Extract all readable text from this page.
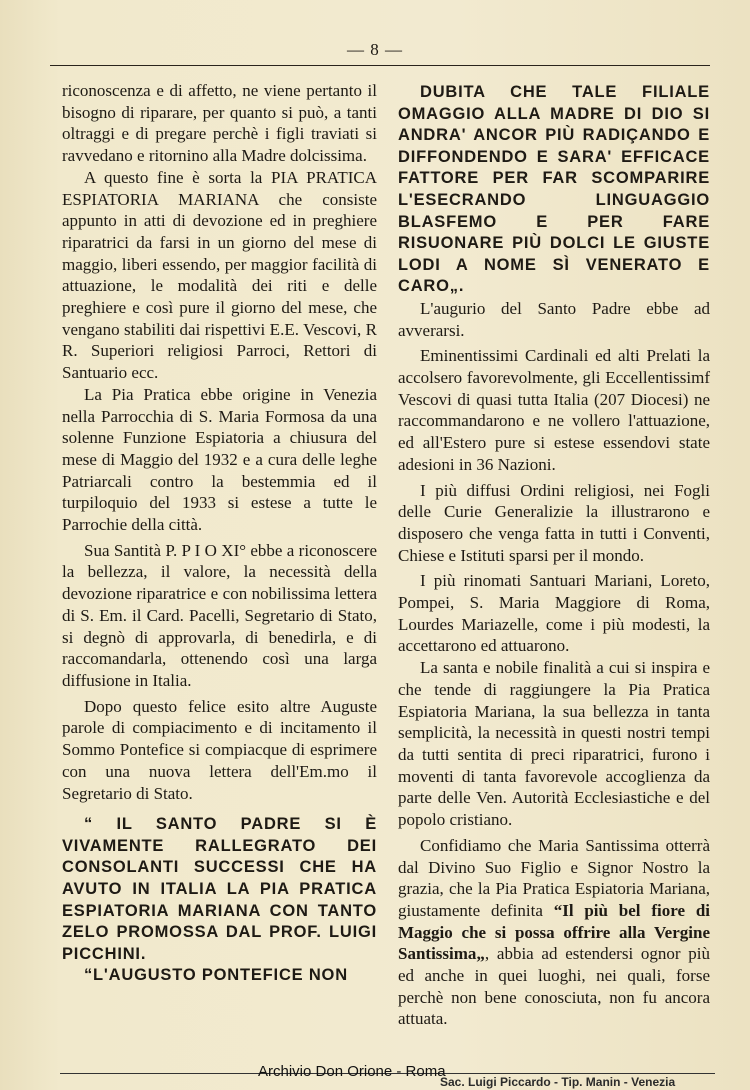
— 8 —

riconoscenza e di affetto, ne viene pertanto il bisogno di riparare, per quanto si può, a tanti oltraggi e di pregare perchè i figli traviati si ravvedano e ritornino alla Madre dolcissima.

A questo fine è sorta la PIA PRATICA ESPIATORIA MARIANA che consiste appunto in atti di devozione ed in preghiere riparatrici da farsi in un giorno del mese di maggio, liberi essendo, per maggior facilità di attuazione, le modalità dei riti e delle preghiere e così pure il giorno del mese, che vengano stabiliti dai rispettivi E.E. Vescovi, R R. Superiori religiosi Parroci, Rettori di Santuario ecc.

La Pia Pratica ebbe origine in Venezia nella Parrocchia di S. Maria Formosa da una solenne Funzione Espiatoria a chiusura del mese di Maggio del 1932 e a cura delle leghe Patriarcali contro la bestemmia ed il turpiloquio del 1933 si estese a tutte le Parrochie della città.

Sua Santità P. P I O XI° ebbe a riconoscere la bellezza, il valore, la necessità della devozione riparatrice e con nobilissima lettera di S. Em. il Card. Pacelli, Segretario di Stato, si degnò di approvarla, di benedirla, e di raccomandarla, ottenendo così una larga diffusione in Italia.

Dopo questo felice esito altre Auguste parole di compiacimento e di incitamento il Sommo Pontefice si compiacque di esprimere con una nuova lettera dell'Em.mo il Segretario di Stato.

“ IL SANTO PADRE SI È VIVAMENTE RALLEGRATO DEI CONSOLANTI SUCCESSI CHE HA AVUTO IN ITALIA LA PIA PRATICA ESPIATORIA MARIANA CON TANTO ZELO PROMOSSA DAL PROF. LUIGI PICCHINI.

“L'AUGUSTO PONTEFICE NON

DUBITA CHE TALE FILIALE OMAGGIO ALLA MADRE DI DIO SI ANDRA' ANCOR PIÙ RADIÇANDO E DIFFONDENDO E SARA' EFFICACE FATTORE PER FAR SCOMPARIRE L'ESECRANDO LINGUAGGIO BLASFEMO E PER FARE RISUONARE PIÙ DOLCI LE GIUSTE LODI A NOME SÌ VENERATO E CARO„.

L'augurio del Santo Padre ebbe ad avverarsi.

Eminentissimi Cardinali ed alti Prelati la accolsero favorevolmente, gli Eccellentissimf Vescovi di quasi tutta Italia (207 Diocesi) ne raccommandarono e ne vollero l'attuazione, ed all'Estero pure si estese essendovi state adesioni in 36 Nazioni.

I più diffusi Ordini religiosi, nei Fogli delle Curie Generalizie la illustrarono e disposero che venga fatta in tutti i Conventi, Chiese e Istituti sparsi per il mondo.

I più rinomati Santuari Mariani, Loreto, Pompei, S. Maria Maggiore di Roma, Lourdes Mariazelle, come i più modesti, la accettarono ed attuarono.

La santa e nobile finalità a cui si inspira e che tende di raggiungere la Pia Pratica Espiatoria Mariana, la sua bellezza in tanta semplicità, la necessità in questi nostri tempi da tutti sentita di preci riparatrici, furono i moventi di tanta favorevole accoglienza da parte delle Ven. Autorità Ecclesiastiche e del popolo cristiano.

Confidiamo che Maria Santissima otterrà dal Divino Suo Figlio e Signor Nostro la grazia, che la Pia Pratica Espiatoria Mariana, giustamente definita “Il più bel fiore di Maggio che si possa offrire alla Vergine Santissima„, abbia ad estendersi ognor più ed anche in quei luoghi, nei quali, forse perchè non bene conosciuta, non fu ancora attuata.

Archivio Don Orione - Roma
Sac. Luigi Piccardo - Tip. Manin - Venezia
